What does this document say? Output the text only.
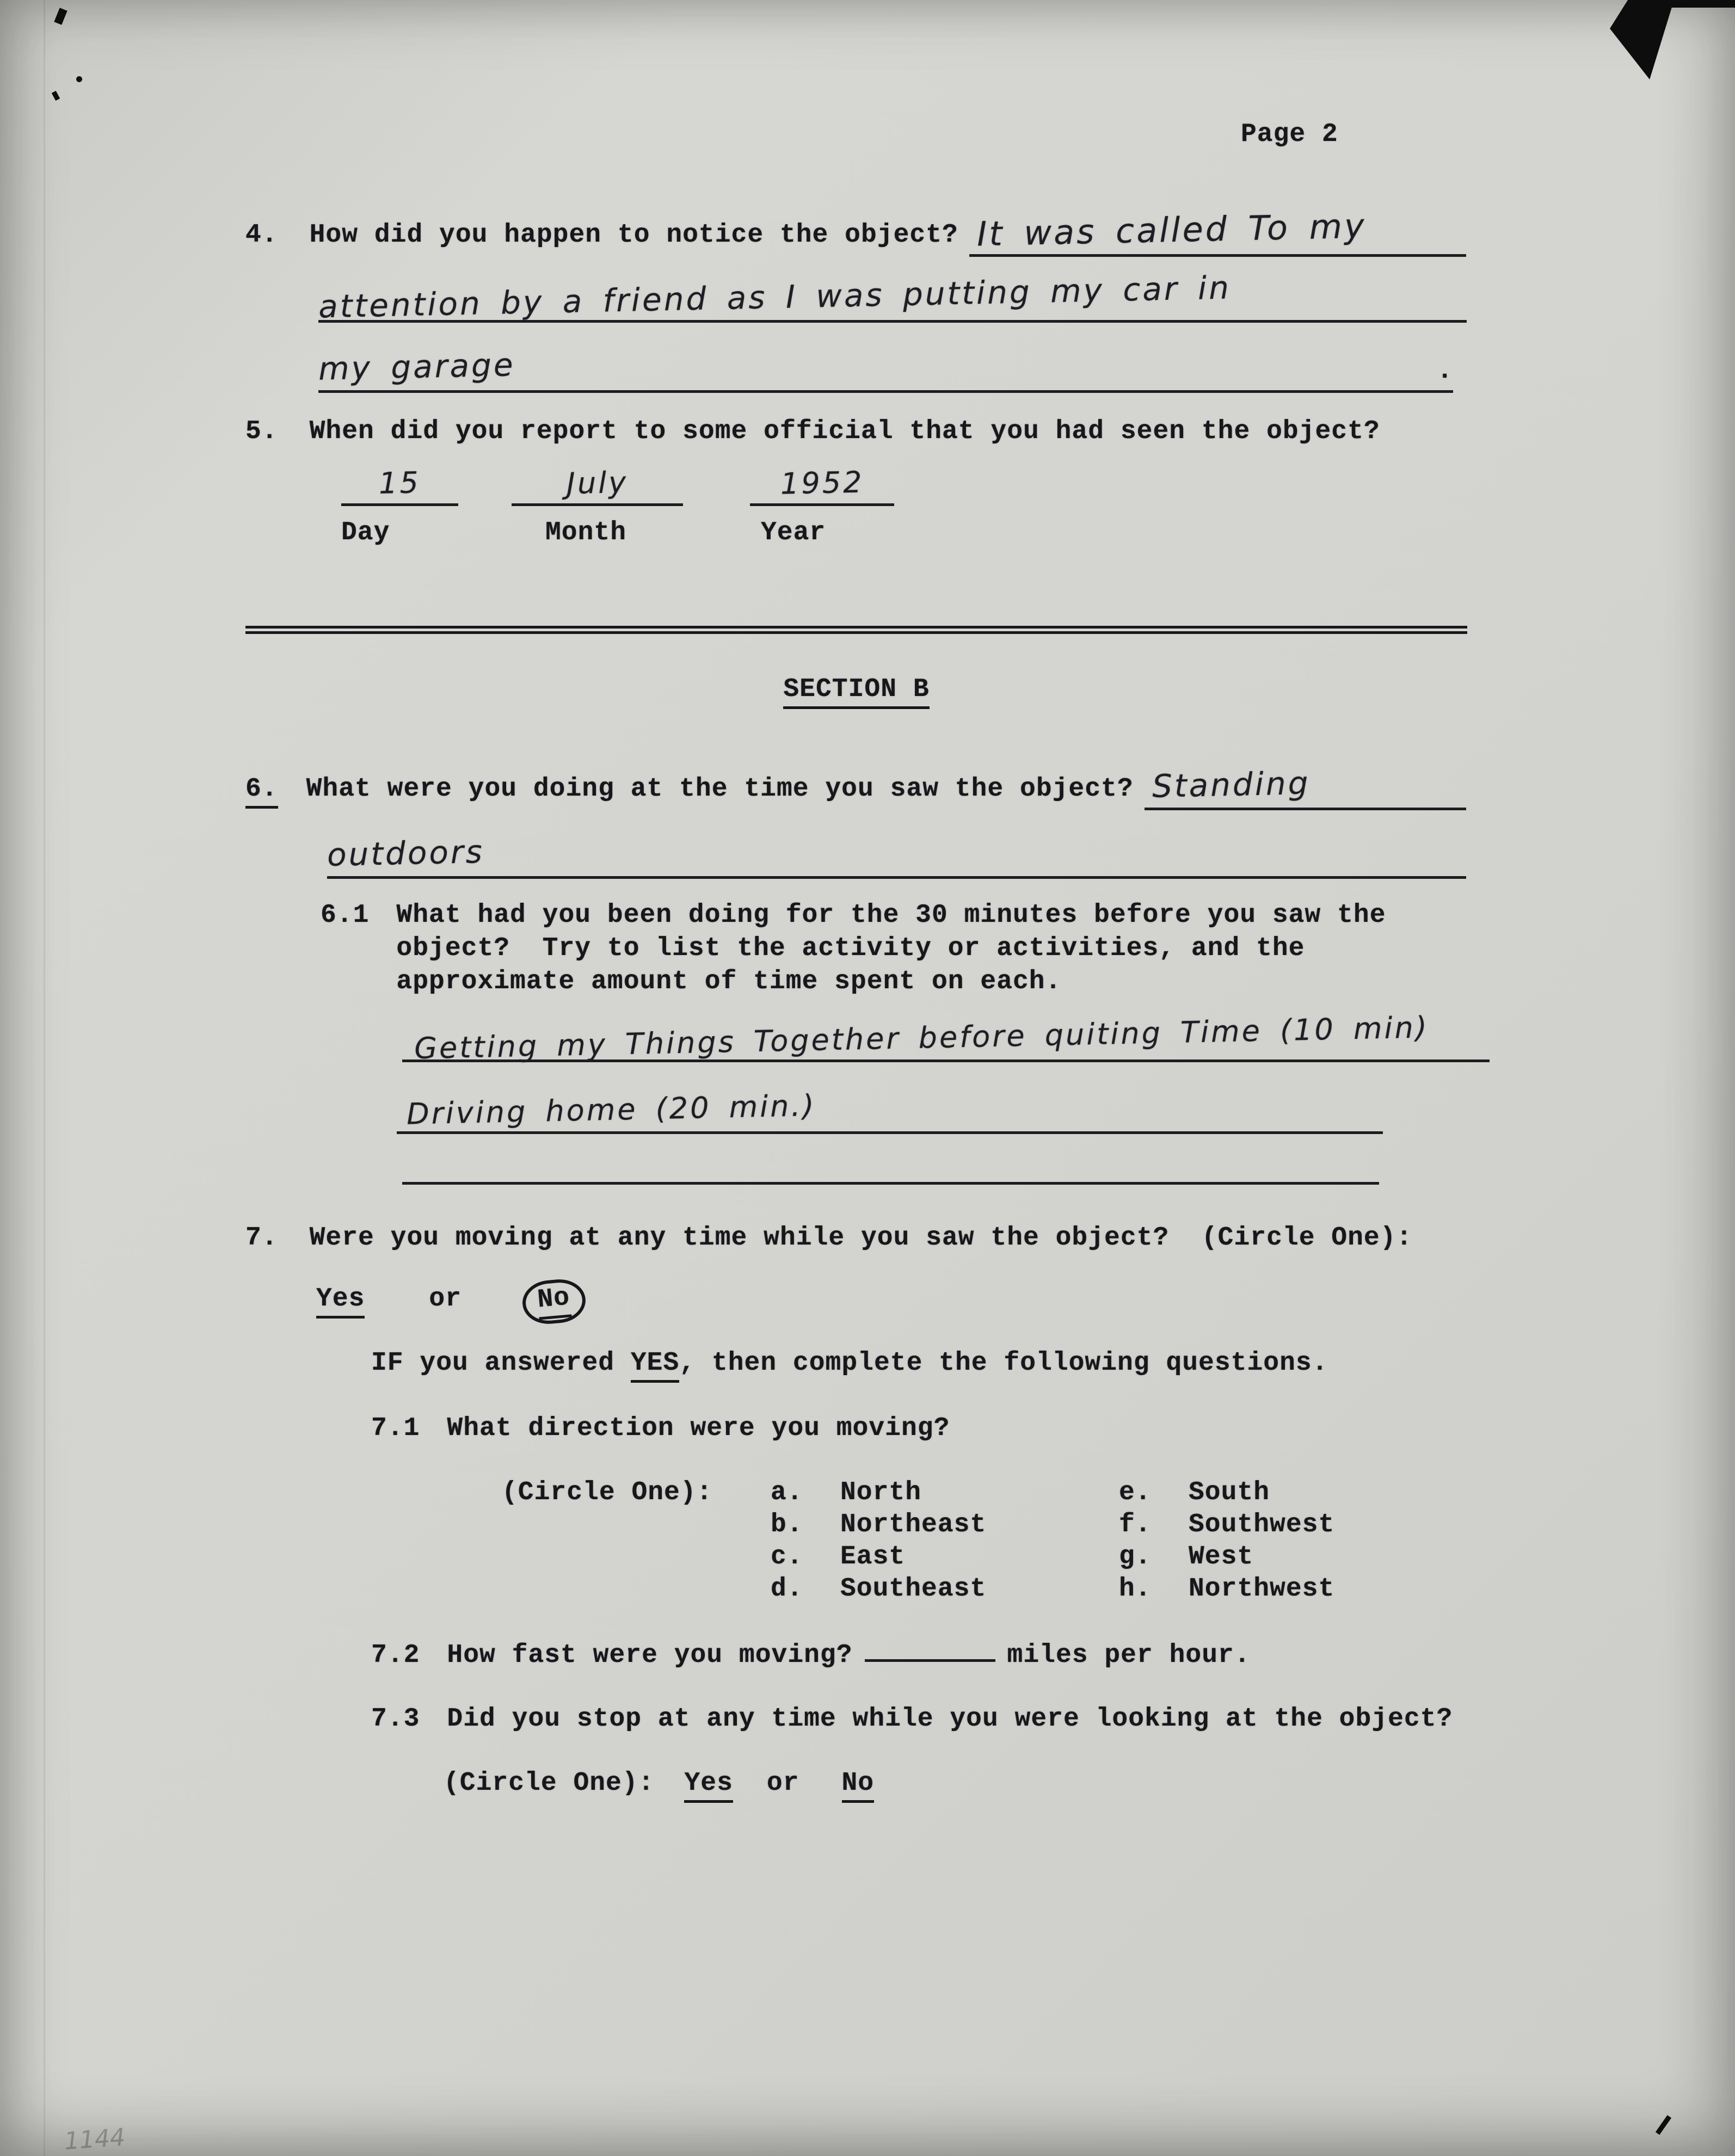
1144
Page 2
4. How did you happen to notice the object? It was called To my
attention by a friend as I was putting my car in
my garage	.
5. When did you report to some official that you had seen the object?
15	July	1952
Day	Month	Year
SECTION B
6. What were you doing at the time you saw the object? Standing
outdoors
6.1 What had you been doing for the 30 minutes before you saw the
object?  Try to list the activity or activities, and the
approximate amount of time spent on each.
Getting my Things Together before quiting Time (10 min)
Driving home (20 min.)
7. Were you moving at any time while you saw the object?  (Circle One):
Yes or	No
IF you answered YES , then complete the following questions.
7.1 What direction were you moving?
(Circle One): a.	North	e.	South
b.	Northeast	f.	Southwest
c.	East	g.	West
d.	Southeast	h.	Northwest
7.2 How fast were you moving?	miles per hour.
7.3 Did you stop at any time while you were looking at the object?
(Circle One): Yes or No
